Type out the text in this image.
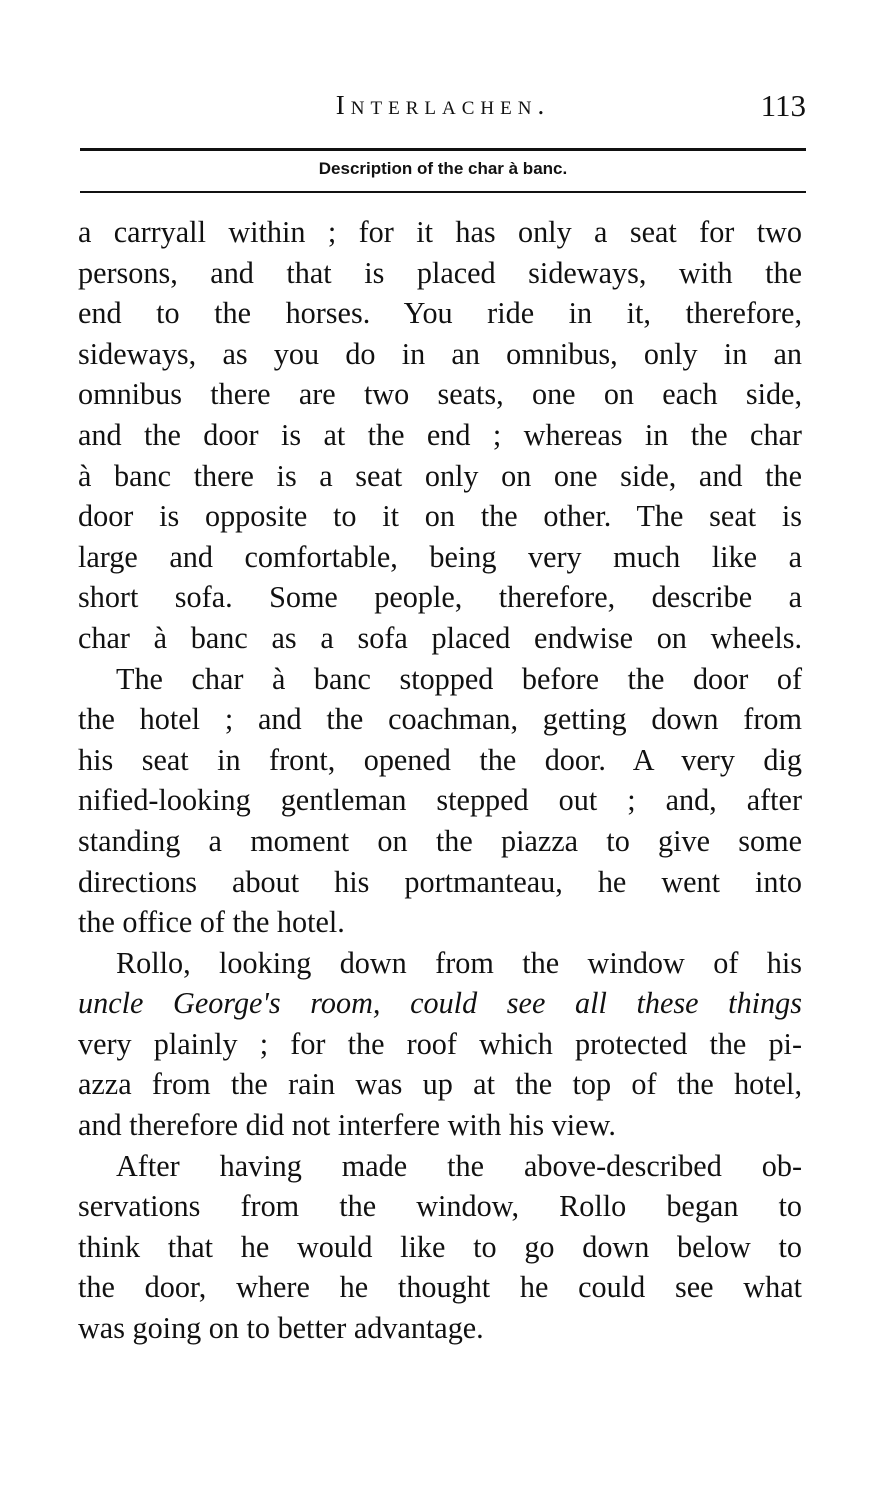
Interlachen.	113
Description of the char à banc.

a carryall within ; for it has only a seat for two
persons, and that is placed sideways, with the
end to the horses. You ride in it, therefore,
sideways, as you do in an omnibus, only in an
omnibus there are two seats, one on each side,
and the door is at the end ; whereas in the char
à banc there is a seat only on one side, and the
door is opposite to it on the other. The seat is
large and comfortable, being very much like a
short sofa. Some people, therefore, describe a
char à banc as a sofa placed endwise on wheels.

The char à banc stopped before the door of
the hotel ; and the coachman, getting down from
his seat in front, opened the door. A very dig
nified-looking gentleman stepped out ; and, after
standing a moment on the piazza to give some
directions about his portmanteau, he went into
the office of the hotel.

Rollo, looking down from the window of his
uncle George's room, could see all these things
very plainly ; for the roof which protected the pi-
azza from the rain was up at the top of the hotel,
and therefore did not interfere with his view.

After having made the above-described ob-
servations from the window, Rollo began to
think that he would like to go down below to
the door, where he thought he could see what
was going on to better advantage.
